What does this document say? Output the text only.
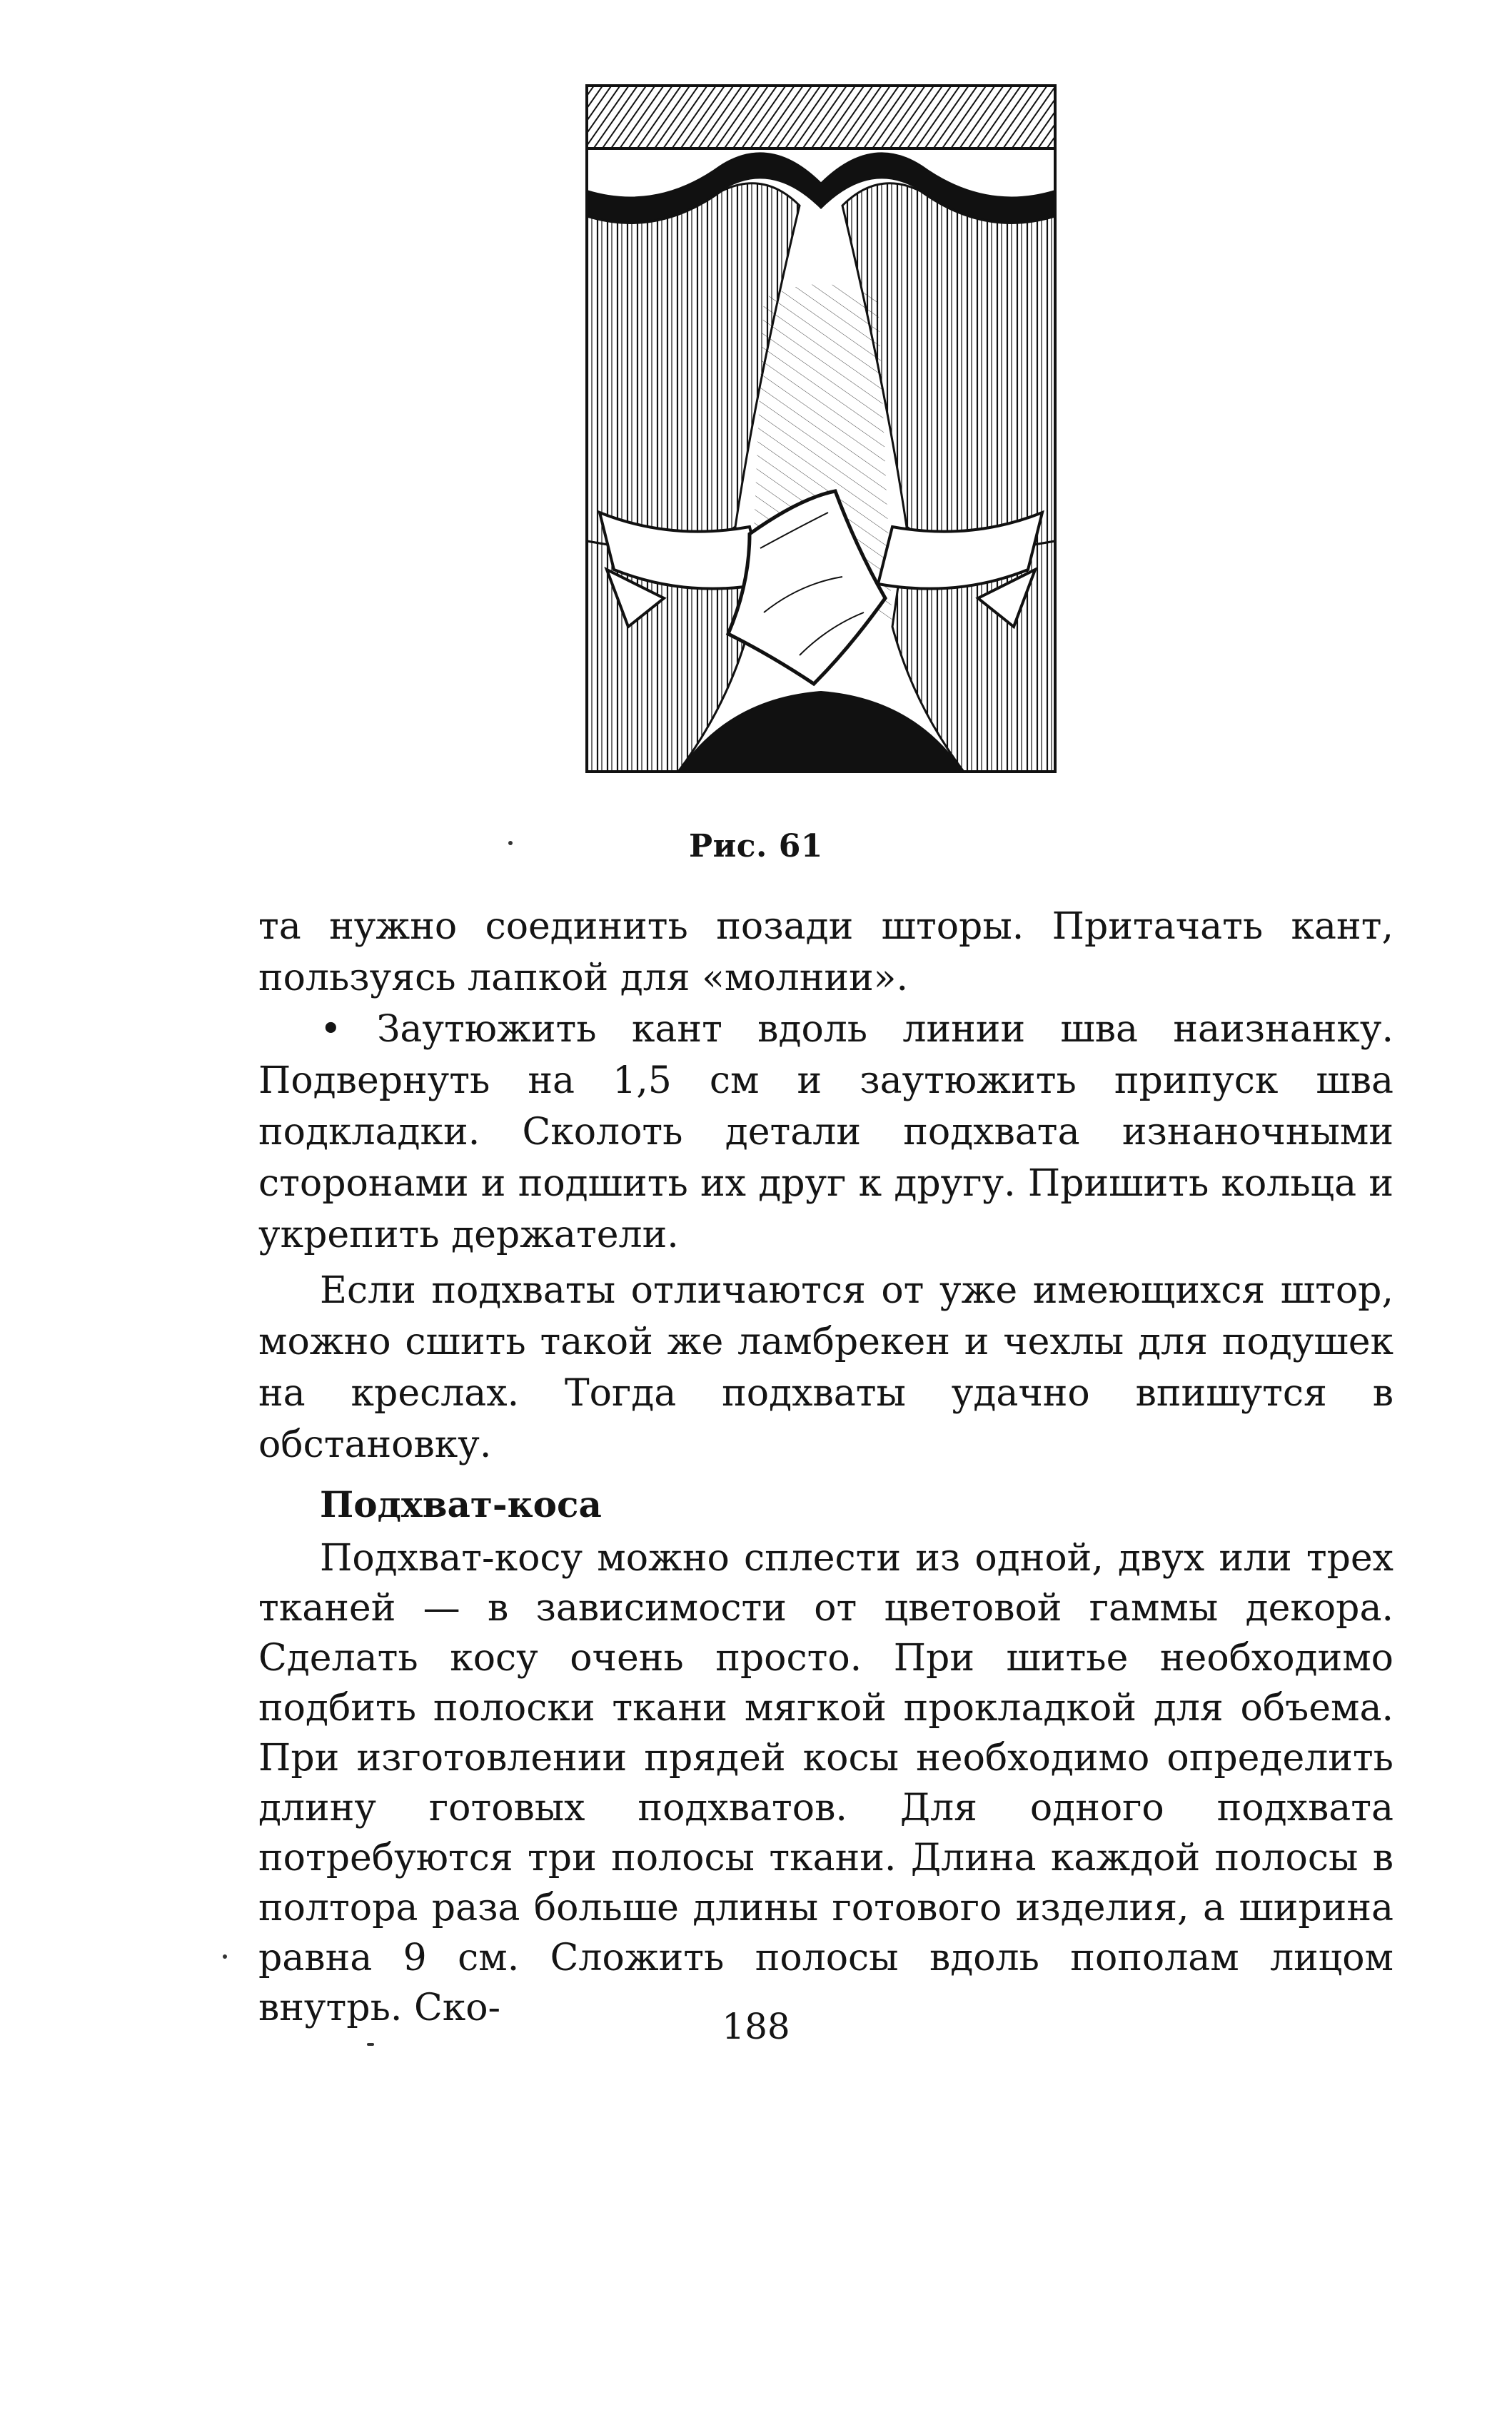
Рис. 61

та нужно соединить позади шторы. Притачать кант, пользуясь лапкой для «молнии».

• Заутюжить кант вдоль линии шва наизнанку. Подвернуть на 1,5 см и заутюжить припуск шва подкладки. Сколоть детали подхвата изнаночными сторонами и подшить их друг к другу. Пришить кольца и укрепить держатели.

Если подхваты отличаются от уже имеющихся штор, можно сшить такой же ламбрекен и чехлы для подушек на креслах. Тогда подхваты удачно впишутся в обстановку.

Подхват-коса

Подхват-косу можно сплести из одной, двух или трех тканей — в зависимости от цветовой гаммы декора. Сделать косу очень просто. При шитье необходимо подбить полоски ткани мягкой прокладкой для объема. При изготовлении прядей косы необходимо определить длину готовых подхватов. Для одного подхвата потребуются три полосы ткани. Длина каждой полосы в полтора раза больше длины готового изделия, а ширина равна 9 см. Сложить полосы вдоль пополам лицом внутрь. Ско-	188
